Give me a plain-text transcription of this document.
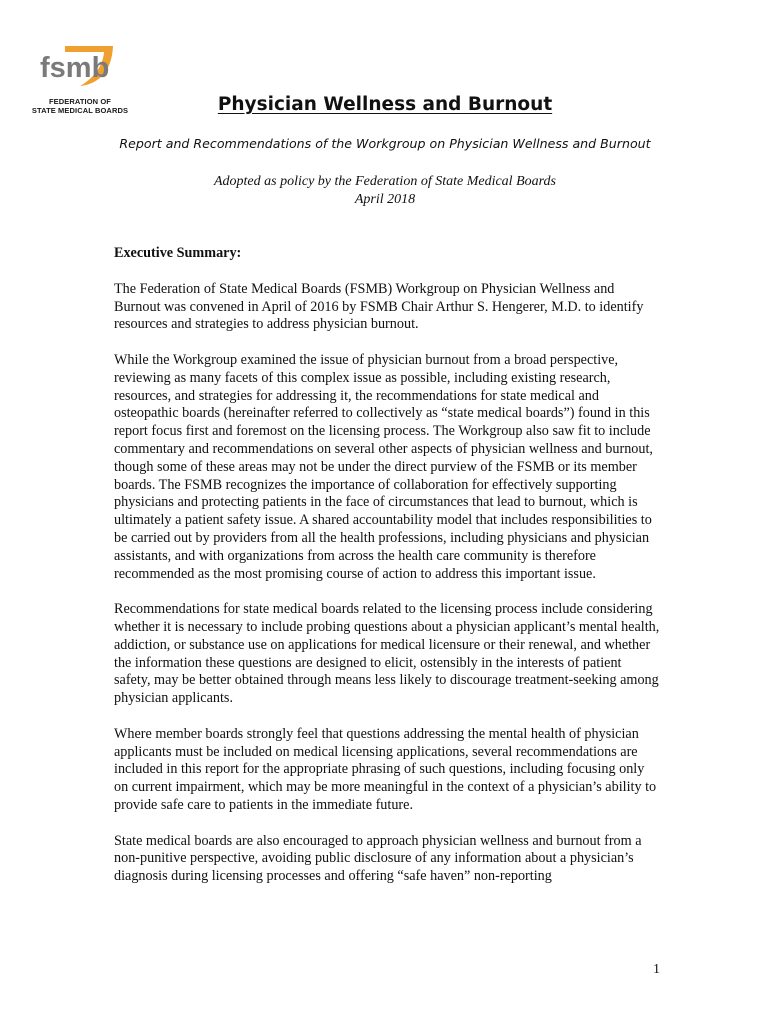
fsmb
FEDERATION OF
STATE MEDICAL BOARDS	Physician Wellness and Burnout
Report and Recommendations of the Workgroup on Physician Wellness and Burnout
Adopted as policy by the Federation of State Medical Boards
April 2018
Executive Summary:

The Federation of State Medical Boards (FSMB) Workgroup on Physician Wellness and Burnout was convened in April of 2016 by FSMB Chair Arthur S. Hengerer, M.D. to identify resources and strategies to address physician burnout.

While the Workgroup examined the issue of physician burnout from a broad perspective, reviewing as many facets of this complex issue as possible, including existing research, resources, and strategies for addressing it, the recommendations for state medical and osteopathic boards (hereinafter referred to collectively as “state medical boards”) found in this report focus first and foremost on the licensing process. The Workgroup also saw fit to include commentary and recommendations on several other aspects of physician wellness and burnout, though some of these areas may not be under the direct purview of the FSMB or its member boards. The FSMB recognizes the importance of collaboration for effectively supporting physicians and protecting patients in the face of circumstances that lead to burnout, which is ultimately a patient safety issue. A shared accountability model that includes responsibilities to be carried out by providers from all the health professions, including physicians and physician assistants, and with organizations from across the health care community is therefore recommended as the most promising course of action to address this important issue.

Recommendations for state medical boards related to the licensing process include considering whether it is necessary to include probing questions about a physician applicant’s mental health, addiction, or substance use on applications for medical licensure or their renewal, and whether the information these questions are designed to elicit, ostensibly in the interests of patient safety, may be better obtained through means less likely to discourage treatment-seeking among physician applicants.

Where member boards strongly feel that questions addressing the mental health of physician applicants must be included on medical licensing applications, several recommendations are included in this report for the appropriate phrasing of such questions, including focusing only on current impairment, which may be more meaningful in the context of a physician’s ability to provide safe care to patients in the immediate future.

State medical boards are also encouraged to approach physician wellness and burnout from a non-punitive perspective, avoiding public disclosure of any information about a physician’s diagnosis during licensing processes and offering “safe haven” non-reporting

1
